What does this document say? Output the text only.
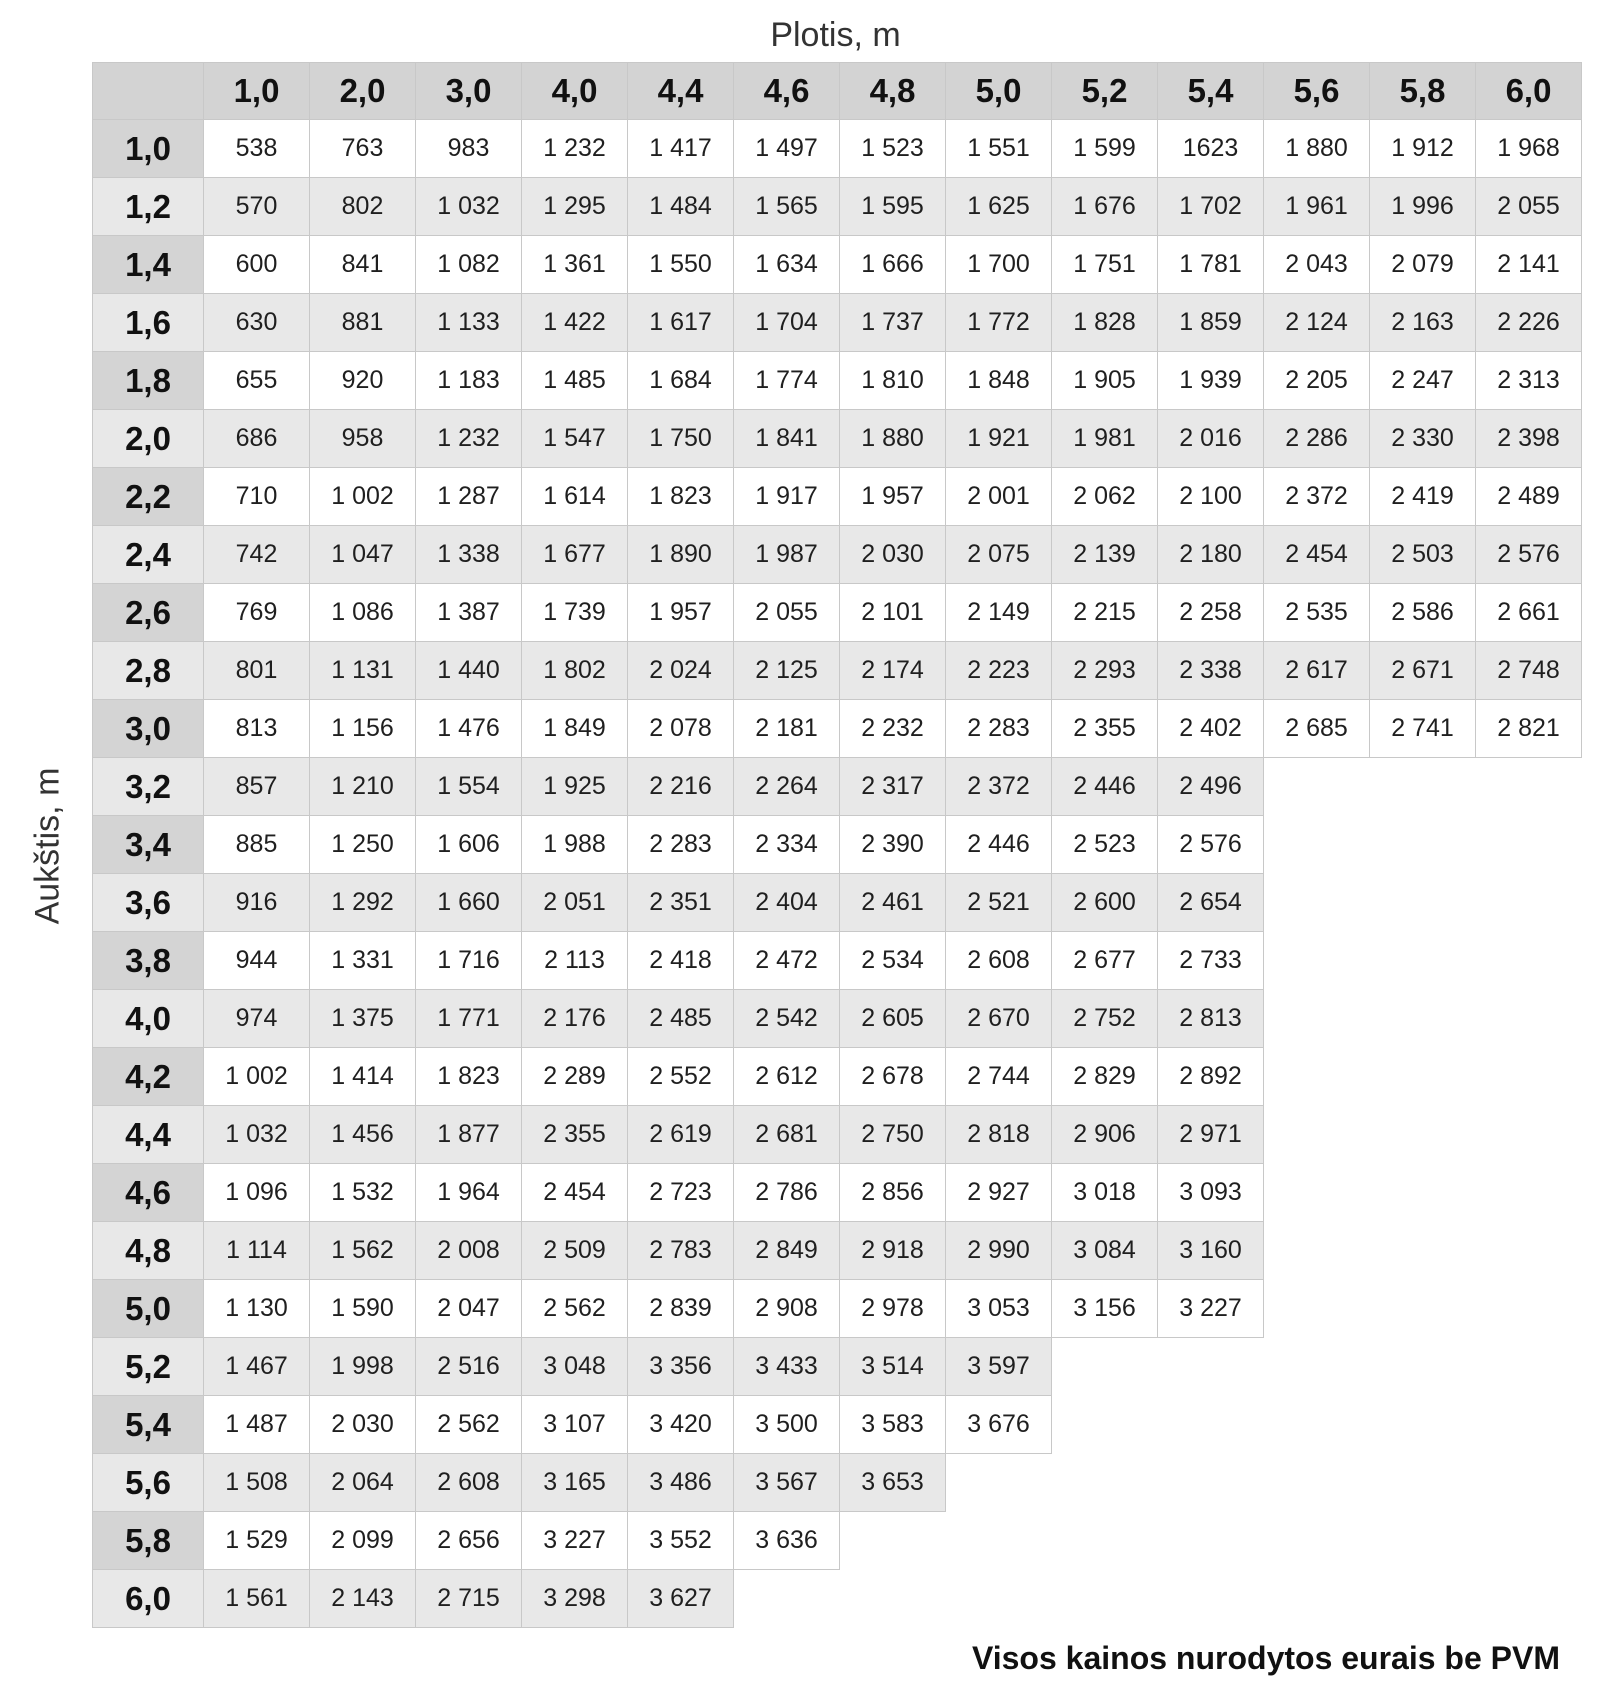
Plotis, m
Aukštis, m
1,0	2,0	3,0	4,0	4,4	4,6	4,8	5,0	5,2	5,4	5,6	5,8	6,0
1,0	538	763	983	1 232	1 417	1 497	1 523	1 551	1 599	1623	1 880	1 912	1 968
1,2	570	802	1 032	1 295	1 484	1 565	1 595	1 625	1 676	1 702	1 961	1 996	2 055
1,4	600	841	1 082	1 361	1 550	1 634	1 666	1 700	1 751	1 781	2 043	2 079	2 141
1,6	630	881	1 133	1 422	1 617	1 704	1 737	1 772	1 828	1 859	2 124	2 163	2 226
1,8	655	920	1 183	1 485	1 684	1 774	1 810	1 848	1 905	1 939	2 205	2 247	2 313
2,0	686	958	1 232	1 547	1 750	1 841	1 880	1 921	1 981	2 016	2 286	2 330	2 398
2,2	710	1 002	1 287	1 614	1 823	1 917	1 957	2 001	2 062	2 100	2 372	2 419	2 489
2,4	742	1 047	1 338	1 677	1 890	1 987	2 030	2 075	2 139	2 180	2 454	2 503	2 576
2,6	769	1 086	1 387	1 739	1 957	2 055	2 101	2 149	2 215	2 258	2 535	2 586	2 661
2,8	801	1 131	1 440	1 802	2 024	2 125	2 174	2 223	2 293	2 338	2 617	2 671	2 748
3,0	813	1 156	1 476	1 849	2 078	2 181	2 232	2 283	2 355	2 402	2 685	2 741	2 821
3,2	857	1 210	1 554	1 925	2 216	2 264	2 317	2 372	2 446	2 496
3,4	885	1 250	1 606	1 988	2 283	2 334	2 390	2 446	2 523	2 576
3,6	916	1 292	1 660	2 051	2 351	2 404	2 461	2 521	2 600	2 654
3,8	944	1 331	1 716	2 113	2 418	2 472	2 534	2 608	2 677	2 733
4,0	974	1 375	1 771	2 176	2 485	2 542	2 605	2 670	2 752	2 813
4,2	1 002	1 414	1 823	2 289	2 552	2 612	2 678	2 744	2 829	2 892
4,4	1 032	1 456	1 877	2 355	2 619	2 681	2 750	2 818	2 906	2 971
4,6	1 096	1 532	1 964	2 454	2 723	2 786	2 856	2 927	3 018	3 093
4,8	1 114	1 562	2 008	2 509	2 783	2 849	2 918	2 990	3 084	3 160
5,0	1 130	1 590	2 047	2 562	2 839	2 908	2 978	3 053	3 156	3 227
5,2	1 467	1 998	2 516	3 048	3 356	3 433	3 514	3 597
5,4	1 487	2 030	2 562	3 107	3 420	3 500	3 583	3 676
5,6	1 508	2 064	2 608	3 165	3 486	3 567	3 653
5,8	1 529	2 099	2 656	3 227	3 552	3 636
6,0	1 561	2 143	2 715	3 298	3 627
Visos kainos nurodytos eurais be PVM
